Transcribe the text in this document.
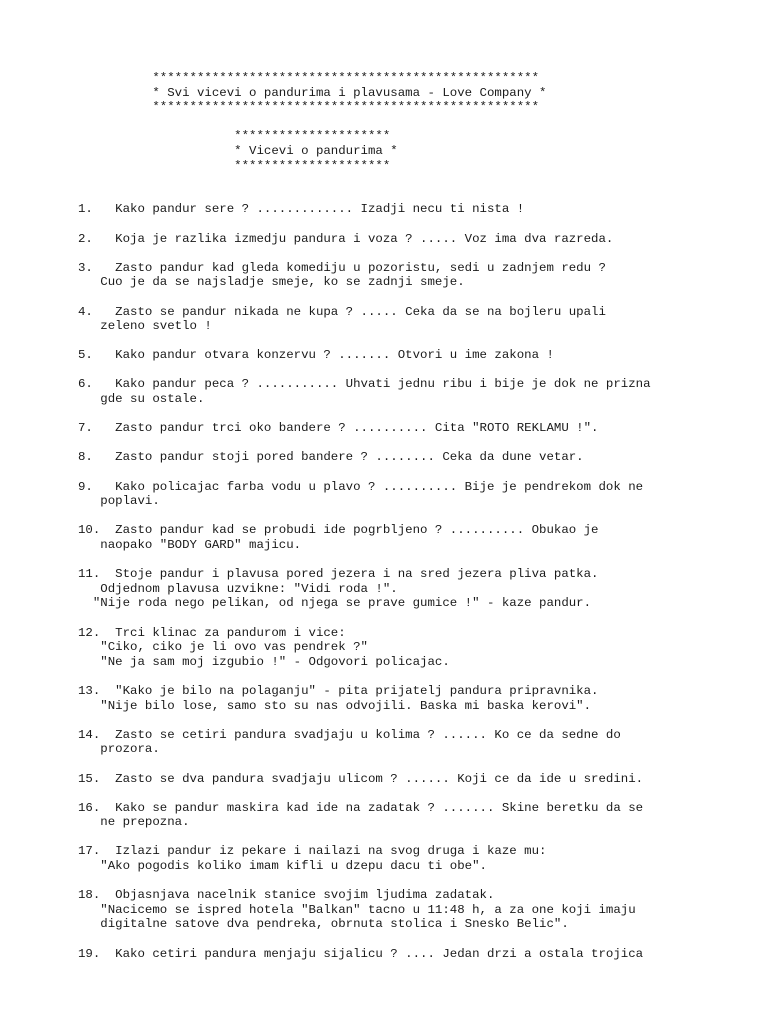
****************************************************
* Svi vicevi o pandurima i plavusama - Love Company *
****************************************************

*********************
* Vicevi o pandurima *
*********************

1.   Kako pandur sere ? ............. Izadji necu ti nista !

2.   Koja je razlika izmedju pandura i voza ? ..... Voz ima dva razreda.

3.   Zasto pandur kad gleda komediju u pozoristu, sedi u zadnjem redu ?
Cuo je da se najsladje smeje, ko se zadnji smeje.

4.   Zasto se pandur nikada ne kupa ? ..... Ceka da se na bojleru upali
zeleno svetlo !

5.   Kako pandur otvara konzervu ? ....... Otvori u ime zakona !

6.   Kako pandur peca ? ........... Uhvati jednu ribu i bije je dok ne prizna
gde su ostale.

7.   Zasto pandur trci oko bandere ? .......... Cita "ROTO REKLAMU !".

8.   Zasto pandur stoji pored bandere ? ........ Ceka da dune vetar.

9.   Kako policajac farba vodu u plavo ? .......... Bije je pendrekom dok ne
poplavi.

10.  Zasto pandur kad se probudi ide pogrbljeno ? .......... Obukao je
naopako "BODY GARD" majicu.

11.  Stoje pandur i plavusa pored jezera i na sred jezera pliva patka.
Odjednom plavusa uzvikne: "Vidi roda !".
"Nije roda nego pelikan, od njega se prave gumice !" - kaze pandur.

12.  Trci klinac za pandurom i vice:
"Ciko, ciko je li ovo vas pendrek ?"
"Ne ja sam moj izgubio !" - Odgovori policajac.

13.  "Kako je bilo na polaganju" - pita prijatelj pandura pripravnika.
"Nije bilo lose, samo sto su nas odvojili. Baska mi baska kerovi".

14.  Zasto se cetiri pandura svadjaju u kolima ? ...... Ko ce da sedne do
prozora.

15.  Zasto se dva pandura svadjaju ulicom ? ...... Koji ce da ide u sredini.

16.  Kako se pandur maskira kad ide na zadatak ? ....... Skine beretku da se
ne prepozna.

17.  Izlazi pandur iz pekare i nailazi na svog druga i kaze mu:
"Ako pogodis koliko imam kifli u dzepu dacu ti obe".

18.  Objasnjava nacelnik stanice svojim ljudima zadatak.
"Nacicemo se ispred hotela "Balkan" tacno u 11:48 h, a za one koji imaju
digitalne satove dva pendreka, obrnuta stolica i Snesko Belic".

19.  Kako cetiri pandura menjaju sijalicu ? .... Jedan drzi a ostala trojica
